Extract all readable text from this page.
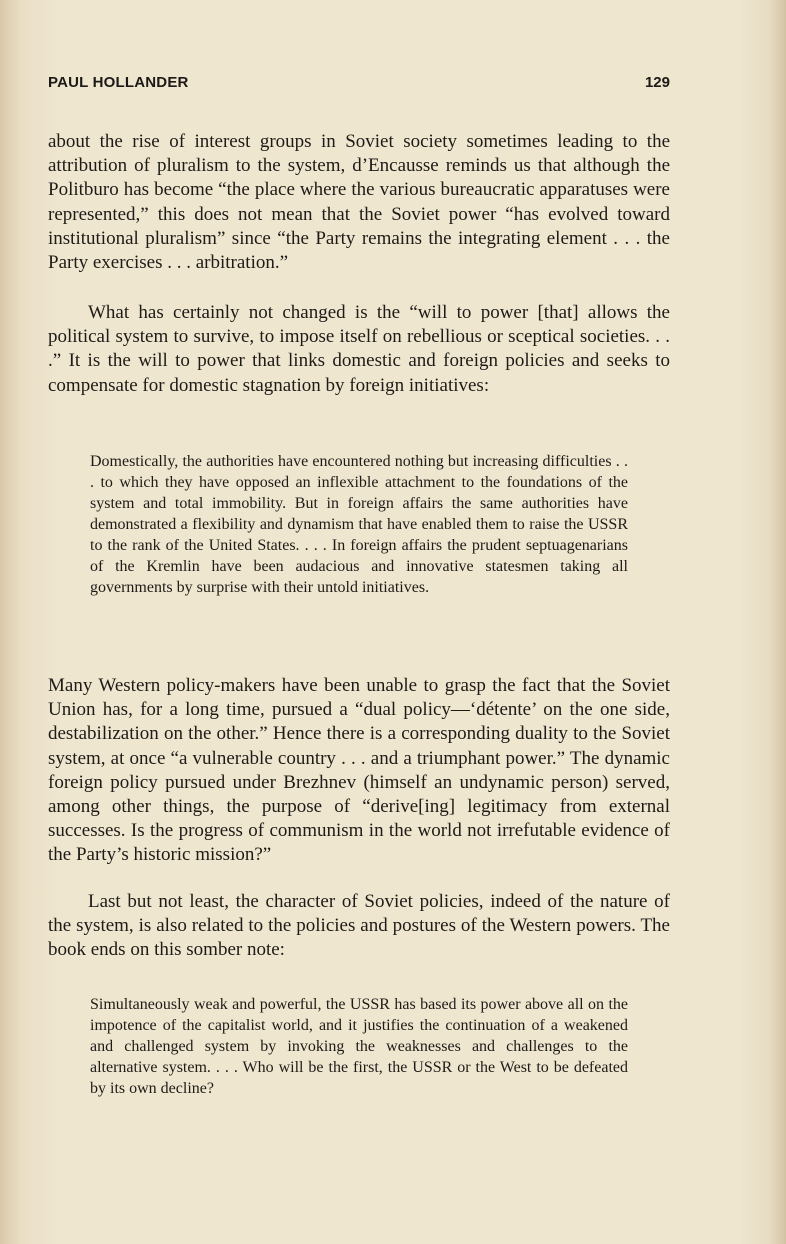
PAUL HOLLANDER	129

about the rise of interest groups in Soviet society sometimes leading to the attribution of pluralism to the system, d’Encausse reminds us that although the Politburo has become “the place where the various bureaucratic apparatuses were represented,” this does not mean that the Soviet power “has evolved toward institutional pluralism” since “the Party remains the integrating element . . . the Party exercises . . . arbitration.”

What has certainly not changed is the “will to power [that] allows the political system to survive, to impose itself on rebellious or sceptical societies. . . .” It is the will to power that links domestic and foreign policies and seeks to compensate for domestic stagnation by foreign initiatives:

Domestically, the authorities have encountered nothing but increasing difficulties . . . to which they have opposed an inflexible attachment to the foundations of the system and total immobility. But in foreign affairs the same authorities have demonstrated a flexibility and dynamism that have enabled them to raise the USSR to the rank of the United States. . . . In foreign affairs the prudent septuagenarians of the Kremlin have been audacious and innovative statesmen taking all governments by surprise with their untold initiatives.

Many Western policy-makers have been unable to grasp the fact that the Soviet Union has, for a long time, pursued a “dual policy—‘détente’ on the one side, destabilization on the other.” Hence there is a corresponding duality to the Soviet system, at once “a vulnerable country . . . and a triumphant power.” The dynamic foreign policy pursued under Brezhnev (himself an undynamic person) served, among other things, the purpose of “derive[ing] legitimacy from external successes. Is the progress of communism in the world not irrefutable evidence of the Party’s historic mission?”

Last but not least, the character of Soviet policies, indeed of the nature of the system, is also related to the policies and postures of the Western powers. The book ends on this somber note:

Simultaneously weak and powerful, the USSR has based its power above all on the impotence of the capitalist world, and it justifies the continuation of a weakened and challenged system by invoking the weaknesses and challenges to the alternative system. . . . Who will be the first, the USSR or the West to be defeated by its own decline?
